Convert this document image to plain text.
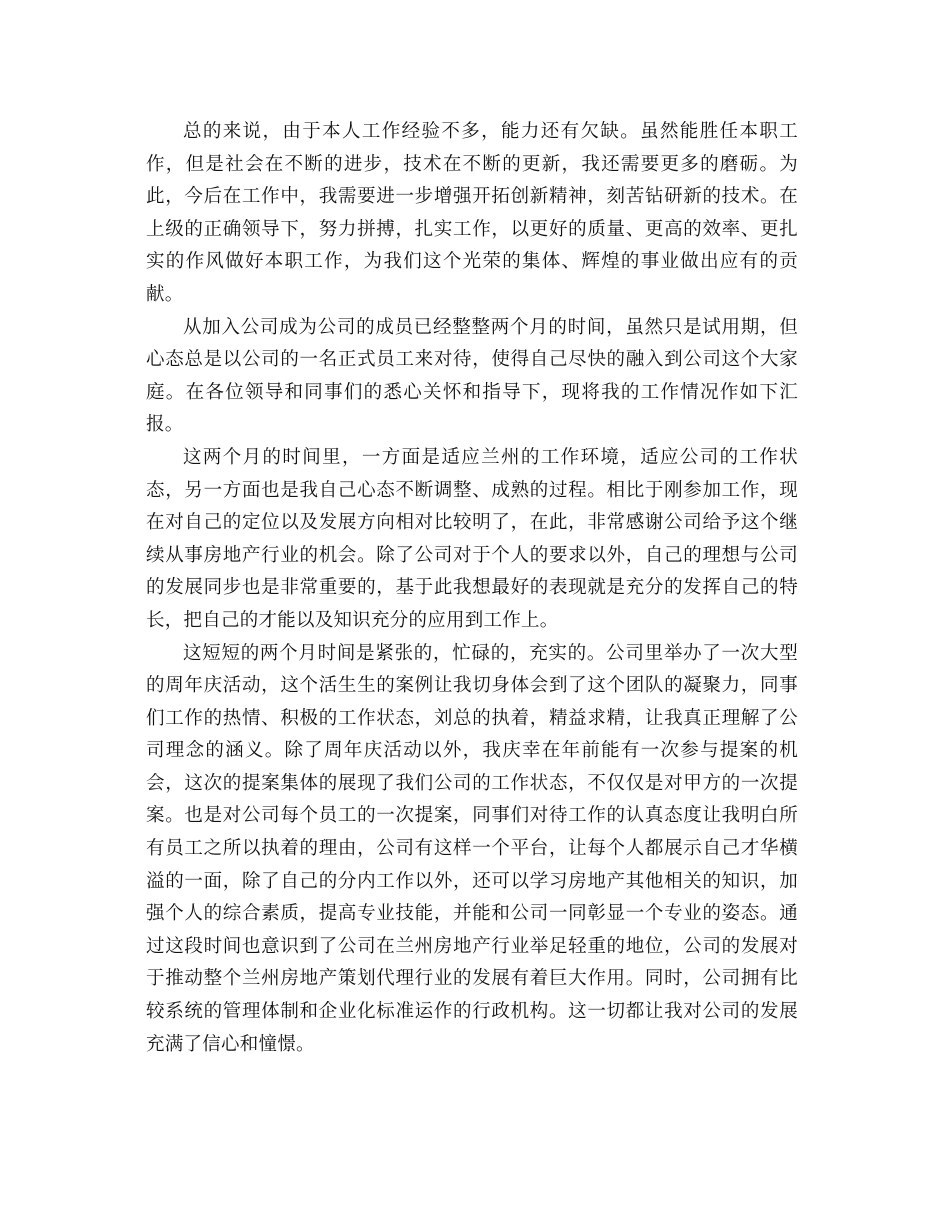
总的来说，由于本人工作经验不多，能力还有欠缺。虽然能胜任本职工作，但是社会在不断的进步，技术在不断的更新，我还需要更多的磨砺。为此，今后在工作中，我需要进一步增强开拓创新精神，刻苦钻研新的技术。在上级的正确领导下，努力拼搏，扎实工作，以更好的质量、更高的效率、更扎实的作风做好本职工作，为我们这个光荣的集体、辉煌的事业做出应有的贡献。

从加入公司成为公司的成员已经整整两个月的时间，虽然只是试用期，但心态总是以公司的一名正式员工来对待，使得自己尽快的融入到公司这个大家庭。在各位领导和同事们的悉心关怀和指导下，现将我的工作情况作如下汇报。

这两个月的时间里，一方面是适应兰州的工作环境，适应公司的工作状态，另一方面也是我自己心态不断调整、成熟的过程。相比于刚参加工作，现在对自己的定位以及发展方向相对比较明了，在此，非常感谢公司给予这个继续从事房地产行业的机会。除了公司对于个人的要求以外，自己的理想与公司的发展同步也是非常重要的，基于此我想最好的表现就是充分的发挥自己的特长，把自己的才能以及知识充分的应用到工作上。

这短短的两个月时间是紧张的，忙碌的，充实的。公司里举办了一次大型的周年庆活动，这个活生生的案例让我切身体会到了这个团队的凝聚力，同事们工作的热情、积极的工作状态，刘总的执着，精益求精，让我真正理解了公司理念的涵义。除了周年庆活动以外，我庆幸在年前能有一次参与提案的机会，这次的提案集体的展现了我们公司的工作状态，不仅仅是对甲方的一次提案。也是对公司每个员工的一次提案，同事们对待工作的认真态度让我明白所有员工之所以执着的理由，公司有这样一个平台，让每个人都展示自己才华横溢的一面，除了自己的分内工作以外，还可以学习房地产其他相关的知识，加强个人的综合素质，提高专业技能，并能和公司一同彰显一个专业的姿态。通过这段时间也意识到了公司在兰州房地产行业举足轻重的地位，公司的发展对于推动整个兰州房地产策划代理行业的发展有着巨大作用。同时，公司拥有比较系统的管理体制和企业化标准运作的行政机构。这一切都让我对公司的发展充满了信心和憧憬。
